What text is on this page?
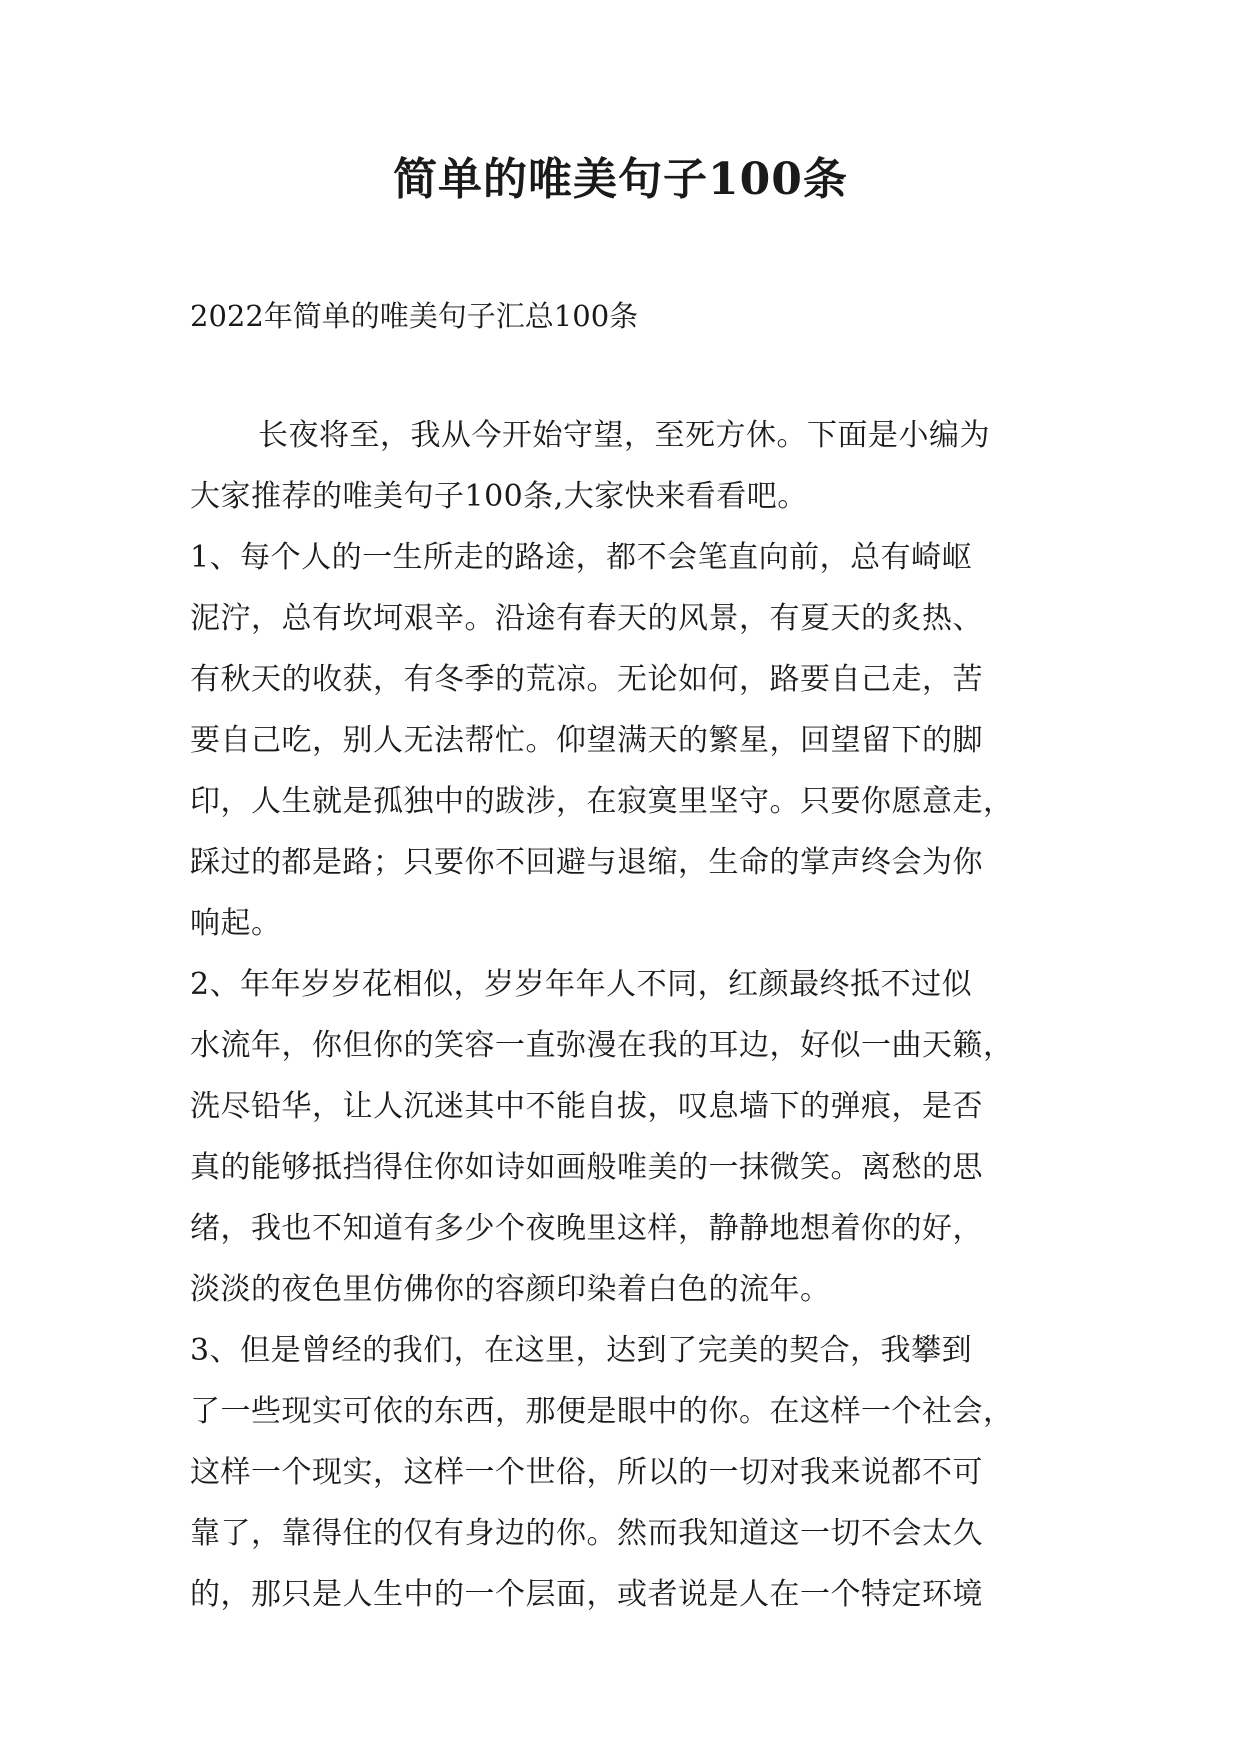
简单的唯美句子100条
2022年简单的唯美句子汇总100条
长夜将至，我从今开始守望，至死方休。下面是小编为
大家推荐的唯美句子100条,大家快来看看吧。
1、每个人的一生所走的路途，都不会笔直向前，总有崎岖
泥泞，总有坎坷艰辛。沿途有春天的风景，有夏天的炙热、
有秋天的收获，有冬季的荒凉。无论如何，路要自己走，苦
要自己吃，别人无法帮忙。仰望满天的繁星，回望留下的脚
印，人生就是孤独中的跋涉，在寂寞里坚守。只要你愿意走，
踩过的都是路；只要你不回避与退缩，生命的掌声终会为你
响起。
2、年年岁岁花相似，岁岁年年人不同，红颜最终抵不过似
水流年，你但你的笑容一直弥漫在我的耳边，好似一曲天籁，
洗尽铅华，让人沉迷其中不能自拔，叹息墙下的弹痕，是否
真的能够抵挡得住你如诗如画般唯美的一抹微笑。离愁的思
绪，我也不知道有多少个夜晚里这样，静静地想着你的好，
淡淡的夜色里仿佛你的容颜印染着白色的流年。
3、但是曾经的我们，在这里，达到了完美的契合，我攀到
了一些现实可依的东西，那便是眼中的你。在这样一个社会，
这样一个现实，这样一个世俗，所以的一切对我来说都不可
靠了，靠得住的仅有身边的你。然而我知道这一切不会太久
的，那只是人生中的一个层面，或者说是人在一个特定环境
